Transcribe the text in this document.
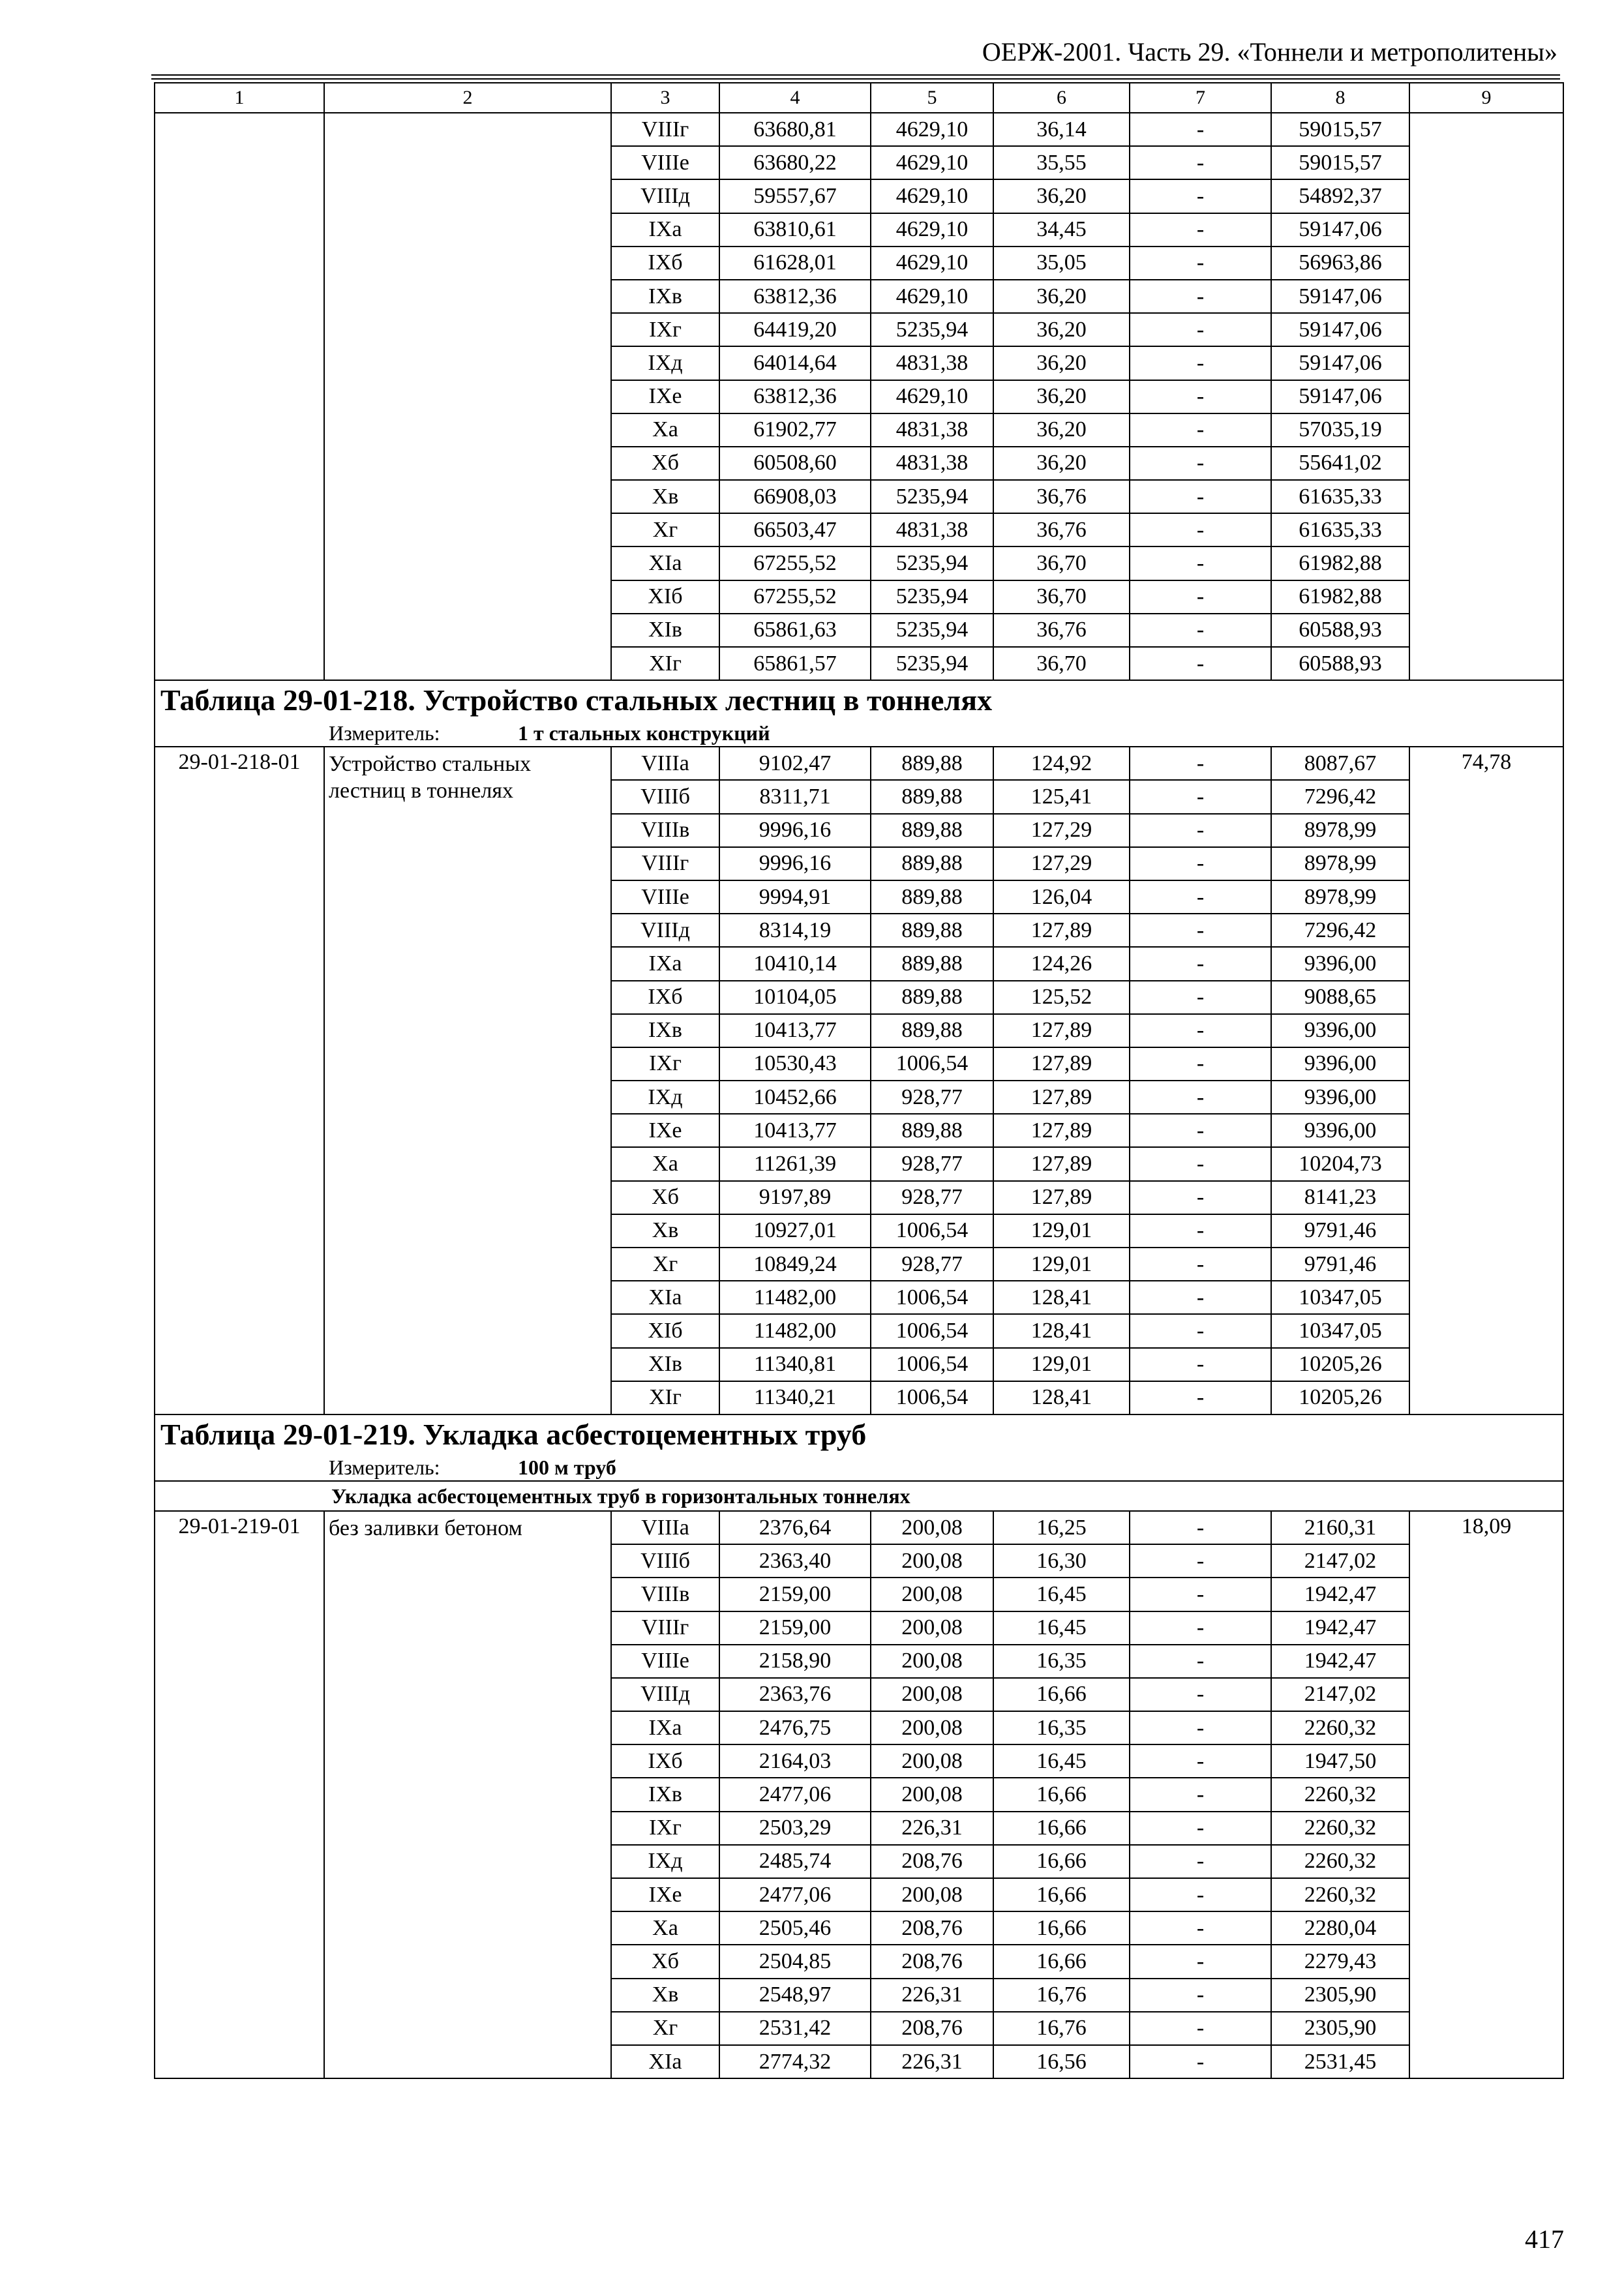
ОЕРЖ-2001. Часть 29. «Тоннели и метрополитены»
1	2	3	4	5	6	7	8	9
		VIIIг	63680,81	4629,10	36,14	-	59015,57	
		VIIIе	63680,22	4629,10	35,55	-	59015,57	
		VIIIд	59557,67	4629,10	36,20	-	54892,37	
		IXа	63810,61	4629,10	34,45	-	59147,06	
		IXб	61628,01	4629,10	35,05	-	56963,86	
		IXв	63812,36	4629,10	36,20	-	59147,06	
		IXг	64419,20	5235,94	36,20	-	59147,06	
		IXд	64014,64	4831,38	36,20	-	59147,06	
		IXе	63812,36	4629,10	36,20	-	59147,06	
		Xа	61902,77	4831,38	36,20	-	57035,19	
		Xб	60508,60	4831,38	36,20	-	55641,02	
		Xв	66908,03	5235,94	36,76	-	61635,33	
		Xг	66503,47	4831,38	36,76	-	61635,33	
		XIа	67255,52	5235,94	36,70	-	61982,88	
		XIб	67255,52	5235,94	36,70	-	61982,88	
		XIв	65861,63	5235,94	36,76	-	60588,93	
		XIг	65861,57	5235,94	36,70	-	60588,93	
Таблица 29-01-218. Устройство стальных лестниц в тоннелях								
Измеритель: 1 т стальных конструкций								
29-01-218-01	Устройство стальных лестниц в тоннелях	VIIIа	9102,47	889,88	124,92	-	8087,67	74,78
		VIIIб	8311,71	889,88	125,41	-	7296,42	
		VIIIв	9996,16	889,88	127,29	-	8978,99	
		VIIIг	9996,16	889,88	127,29	-	8978,99	
		VIIIе	9994,91	889,88	126,04	-	8978,99	
		VIIIд	8314,19	889,88	127,89	-	7296,42	
		IXа	10410,14	889,88	124,26	-	9396,00	
		IXб	10104,05	889,88	125,52	-	9088,65	
		IXв	10413,77	889,88	127,89	-	9396,00	
		IXг	10530,43	1006,54	127,89	-	9396,00	
		IXд	10452,66	928,77	127,89	-	9396,00	
		IXе	10413,77	889,88	127,89	-	9396,00	
		Xа	11261,39	928,77	127,89	-	10204,73	
		Xб	9197,89	928,77	127,89	-	8141,23	
		Xв	10927,01	1006,54	129,01	-	9791,46	
		Xг	10849,24	928,77	129,01	-	9791,46	
		XIа	11482,00	1006,54	128,41	-	10347,05	
		XIб	11482,00	1006,54	128,41	-	10347,05	
		XIв	11340,81	1006,54	129,01	-	10205,26	
		XIг	11340,21	1006,54	128,41	-	10205,26	
Таблица 29-01-219. Укладка асбестоцементных труб								
Измеритель: 100 м труб								
Укладка асбестоцементных труб в горизонтальных тоннелях								
29-01-219-01	без заливки бетоном	VIIIа	2376,64	200,08	16,25	-	2160,31	18,09
		VIIIб	2363,40	200,08	16,30	-	2147,02	
		VIIIв	2159,00	200,08	16,45	-	1942,47	
		VIIIг	2159,00	200,08	16,45	-	1942,47	
		VIIIе	2158,90	200,08	16,35	-	1942,47	
		VIIIд	2363,76	200,08	16,66	-	2147,02	
		IXа	2476,75	200,08	16,35	-	2260,32	
		IXб	2164,03	200,08	16,45	-	1947,50	
		IXв	2477,06	200,08	16,66	-	2260,32	
		IXг	2503,29	226,31	16,66	-	2260,32	
		IXд	2485,74	208,76	16,66	-	2260,32	
		IXе	2477,06	200,08	16,66	-	2260,32	
		Xа	2505,46	208,76	16,66	-	2280,04	
		Xб	2504,85	208,76	16,66	-	2279,43	
		Xв	2548,97	226,31	16,76	-	2305,90	
		Xг	2531,42	208,76	16,76	-	2305,90	
		XIа	2774,32	226,31	16,56	-	2531,45	
417
